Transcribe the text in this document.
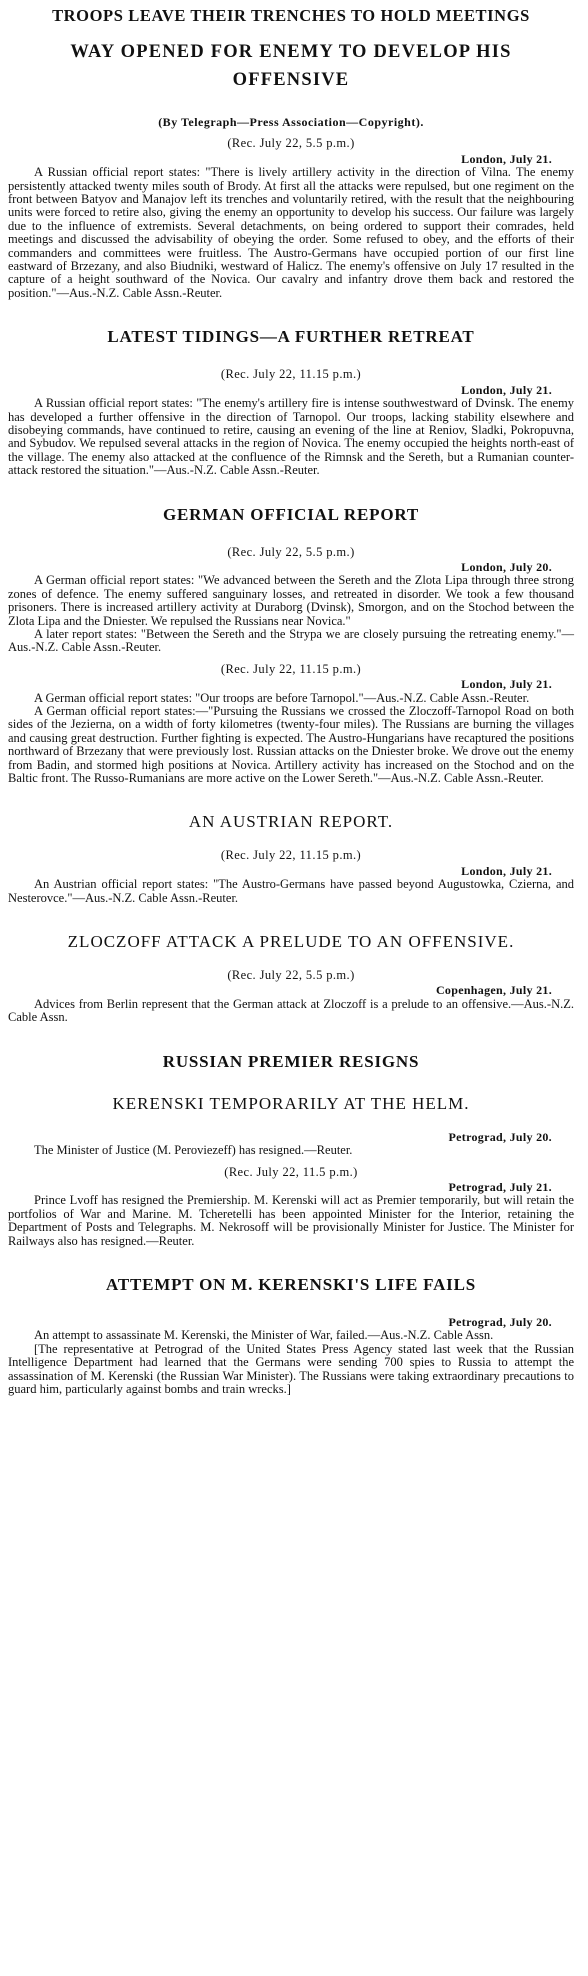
TROOPS LEAVE THEIR TRENCHES TO HOLD MEETINGS
WAY OPENED FOR ENEMY TO DEVELOP HIS OFFENSIVE
(By Telegraph—Press Association—Copyright).
(Rec. July 22, 5.5 p.m.)
London, July 21.

A Russian official report states: "There is lively artillery activity in the direction of Vilna. The enemy persistently attacked twenty miles south of Brody. At first all the attacks were repulsed, but one regiment on the front between Batyov and Manajov left its trenches and voluntarily retired, with the result that the neighbouring units were forced to retire also, giving the enemy an opportunity to develop his success. Our failure was largely due to the influence of extremists. Several detachments, on being ordered to support their comrades, held meetings and discussed the advisability of obeying the order. Some refused to obey, and the efforts of their commanders and committees were fruitless. The Austro-Germans have occupied portion of our first line eastward of Brzezany, and also Biudniki, westward of Halicz. The enemy's offensive on July 17 resulted in the capture of a height southward of the Novica. Our cavalry and infantry drove them back and restored the position."—Aus.-N.Z. Cable Assn.-Reuter.

LATEST TIDINGS—A FURTHER RETREAT
(Rec. July 22, 11.15 p.m.)
London, July 21.

A Russian official report states: "The enemy's artillery fire is intense southwestward of Dvinsk. The enemy has developed a further offensive in the direction of Tarnopol. Our troops, lacking stability elsewhere and disobeying commands, have continued to retire, causing an evening of the line at Reniov, Sladki, Pokropuvna, and Sybudov. We repulsed several attacks in the region of Novica. The enemy occupied the heights north-east of the village. The enemy also attacked at the confluence of the Rimnsk and the Sereth, but a Rumanian counter-attack restored the situation."—Aus.-N.Z. Cable Assn.-Reuter.

GERMAN OFFICIAL REPORT
(Rec. July 22, 5.5 p.m.)
London, July 20.

A German official report states: "We advanced between the Sereth and the Zlota Lipa through three strong zones of defence. The enemy suffered sanguinary losses, and retreated in disorder. We took a few thousand prisoners. There is increased artillery activity at Duraborg (Dvinsk), Smorgon, and on the Stochod between the Zlota Lipa and the Dniester. We repulsed the Russians near Novica."

A later report states: "Between the Sereth and the Strypa we are closely pursuing the retreating enemy."—Aus.-N.Z. Cable Assn.-Reuter.

(Rec. July 22, 11.15 p.m.)
London, July 21.

A German official report states: "Our troops are before Tarnopol."—Aus.-N.Z. Cable Assn.-Reuter.

A German official report states:—"Pursuing the Russians we crossed the Zloczoff-Tarnopol Road on both sides of the Jezierna, on a width of forty kilometres (twenty-four miles). The Russians are burning the villages and causing great destruction. Further fighting is expected. The Austro-Hungarians have recaptured the positions northward of Brzezany that were previously lost. Russian attacks on the Dniester broke. We drove out the enemy from Badin, and stormed high positions at Novica. Artillery activity has increased on the Stochod and on the Baltic front. The Russo-Rumanians are more active on the Lower Sereth."—Aus.-N.Z. Cable Assn.-Reuter.

AN AUSTRIAN REPORT.
(Rec. July 22, 11.15 p.m.)
London, July 21.

An Austrian official report states: "The Austro-Germans have passed beyond Augustowka, Czierna, and Nesterovce."—Aus.-N.Z. Cable Assn.-Reuter.

ZLOCZOFF ATTACK A PRELUDE TO AN OFFENSIVE.
(Rec. July 22, 5.5 p.m.)
Copenhagen, July 21.

Advices from Berlin represent that the German attack at Zloczoff is a prelude to an offensive.—Aus.-N.Z. Cable Assn.

RUSSIAN PREMIER RESIGNS
KERENSKI TEMPORARILY AT THE HELM.
Petrograd, July 20.

The Minister of Justice (M. Peroviezeff) has resigned.—Reuter.

(Rec. July 22, 11.5 p.m.)
Petrograd, July 21.

Prince Lvoff has resigned the Premiership. M. Kerenski will act as Premier temporarily, but will retain the portfolios of War and Marine. M. Tcheretelli has been appointed Minister for the Interior, retaining the Department of Posts and Telegraphs. M. Nekrosoff will be provisionally Minister for Justice. The Minister for Railways also has resigned.—Reuter.

ATTEMPT ON M. KERENSKI'S LIFE FAILS
Petrograd, July 20.

An attempt to assassinate M. Kerenski, the Minister of War, failed.—Aus.-N.Z. Cable Assn.

[The representative at Petrograd of the United States Press Agency stated last week that the Russian Intelligence Department had learned that the Germans were sending 700 spies to Russia to attempt the assassination of M. Kerenski (the Russian War Minister). The Russians were taking extraordinary precautions to guard him, particularly against bombs and train wrecks.]
